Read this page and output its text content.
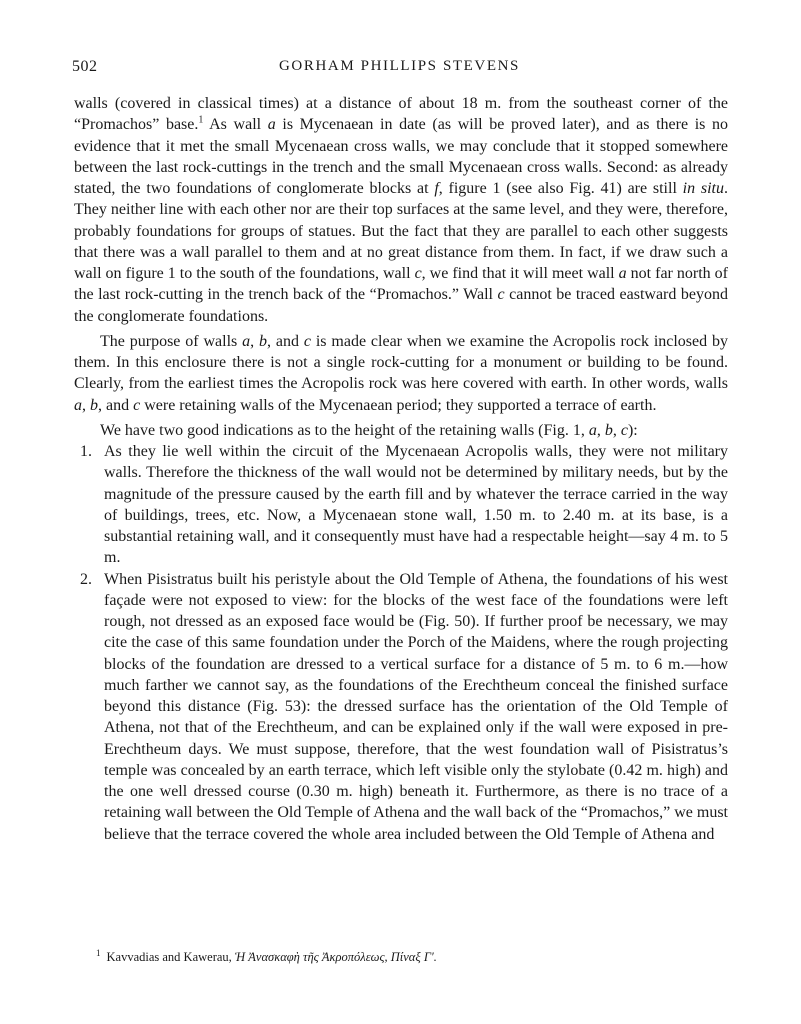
502	GORHAM PHILLIPS STEVENS

walls (covered in classical times) at a distance of about 18 m. from the southeast corner of the “Promachos” base.$^1$ As wall a is Mycenaean in date (as will be proved later), and as there is no evidence that it met the small Mycenaean cross walls, we may conclude that it stopped somewhere between the last rock-cuttings in the trench and the small Mycenaean cross walls. Second: as already stated, the two foundations of conglomerate blocks at f, figure 1 (see also Fig. 41) are still in situ. They neither line with each other nor are their top surfaces at the same level, and they were, therefore, probably foundations for groups of statues. But the fact that they are parallel to each other suggests that there was a wall parallel to them and at no great distance from them. In fact, if we draw such a wall on figure 1 to the south of the foundations, wall c, we find that it will meet wall a not far north of the last rock-cutting in the trench back of the “Promachos.” Wall c cannot be traced eastward beyond the conglomerate foundations.

The purpose of walls a, b, and c is made clear when we examine the Acropolis rock inclosed by them. In this enclosure there is not a single rock-cutting for a monument or building to be found. Clearly, from the earliest times the Acropolis rock was here covered with earth. In other words, walls a, b, and c were retaining walls of the Mycenaean period; they supported a terrace of earth.

We have two good indications as to the height of the retaining walls (Fig. 1, a, b, c):

1. As they lie well within the circuit of the Mycenaean Acropolis walls, they were not military walls. Therefore the thickness of the wall would not be determined by military needs, but by the magnitude of the pressure caused by the earth fill and by whatever the terrace carried in the way of buildings, trees, etc. Now, a Mycenaean stone wall, 1.50 m. to 2.40 m. at its base, is a substantial retaining wall, and it consequently must have had a respectable height—say 4 m. to 5 m.
2. When Pisistratus built his peristyle about the Old Temple of Athena, the foundations of his west façade were not exposed to view: for the blocks of the west face of the foundations were left rough, not dressed as an exposed face would be (Fig. 50). If further proof be necessary, we may cite the case of this same foundation under the Porch of the Maidens, where the rough projecting blocks of the foundation are dressed to a vertical surface for a distance of 5 m. to 6 m.—how much farther we cannot say, as the foundations of the Erechtheum conceal the finished surface beyond this distance (Fig. 53): the dressed surface has the orientation of the Old Temple of Athena, not that of the Erechtheum, and can be explained only if the wall were exposed in pre-Erechtheum days. We must suppose, therefore, that the west foundation wall of Pisistratus’s temple was concealed by an earth terrace, which left visible only the stylobate (0.42 m. high) and the one well dressed course (0.30 m. high) beneath it. Furthermore, as there is no trace of a retaining wall between the Old Temple of Athena and the wall back of the “Promachos,” we must believe that the terrace covered the whole area included between the Old Temple of Athena and
$^1$ Kavvadias and Kawerau, Ἡ Ἀνασκαφὴ τῆς Ἀκροπόλεως, Πίναξ Γ′.
